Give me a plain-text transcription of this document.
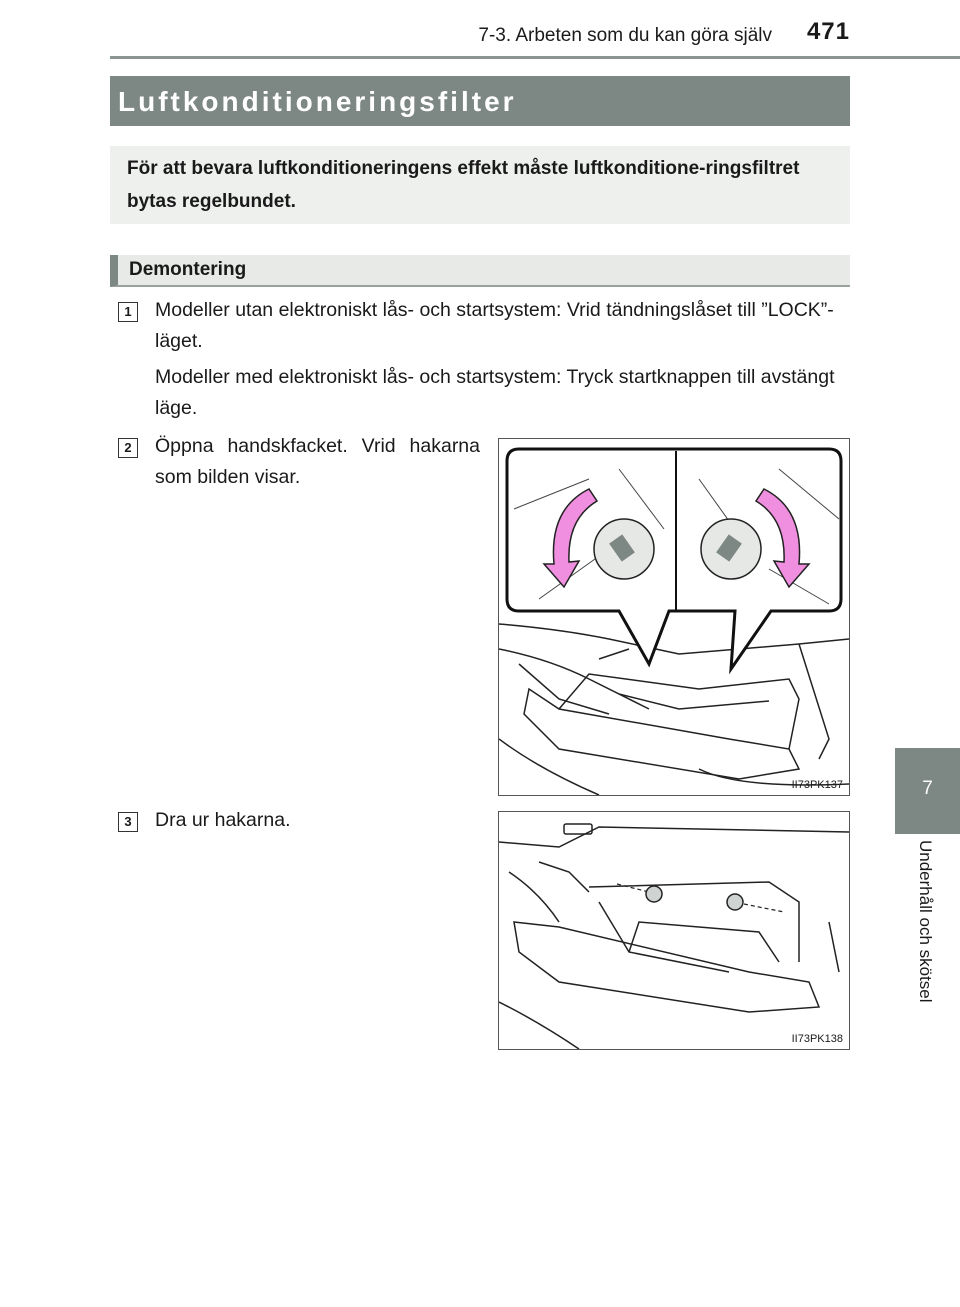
7-3. Arbeten som du kan göra själv 471
Luftkonditioneringsfilter
För att bevara luftkonditioneringens effekt måste luftkonditione-ringsfiltret bytas regelbundet.
Demontering
1	Modeller utan elektroniskt lås- och startsystem: Vrid tändningslåset till ”LOCK”-läget.
Modeller med elektroniskt lås- och startsystem: Tryck startknappen till avstängt läge.
2	Öppna handskfacket. Vrid hakarna som bilden visar.
II73PK137
3	Dra ur hakarna.
II73PK138
7
Underhåll och skötsel
